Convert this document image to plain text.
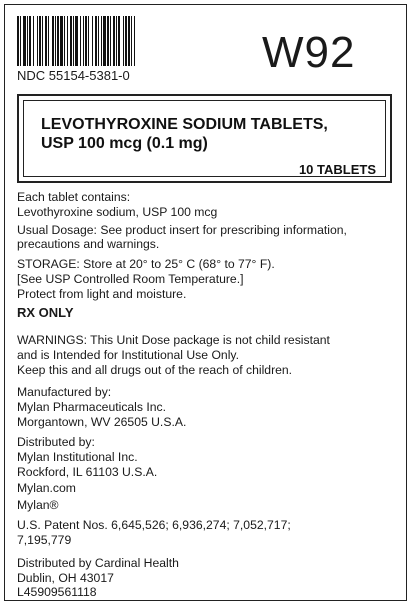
W92
NDC 55154-5381-0
LEVOTHYROXINE SODIUM TABLETS,
USP 100 mcg (0.1 mg)
10 TABLETS
Each tablet contains:
Levothyroxine sodium, USP 100 mcg
Usual Dosage: See product insert for prescribing information,
precautions and warnings.
STORAGE: Store at 20° to 25° C (68° to 77° F).
[See USP Controlled Room Temperature.]
Protect from light and moisture.
RX ONLY
WARNINGS: This Unit Dose package is not child resistant
and is Intended for Institutional Use Only.
Keep this and all drugs out of the reach of children.
Manufactured by:
Mylan Pharmaceuticals Inc.
Morgantown, WV 26505 U.S.A.
Distributed by:
Mylan Institutional Inc.
Rockford, IL 61103 U.S.A.
Mylan.com
Mylan®
U.S. Patent Nos. 6,645,526; 6,936,274; 7,052,717;
7,195,779
Distributed by Cardinal Health
Dublin, OH 43017
L45909561118
